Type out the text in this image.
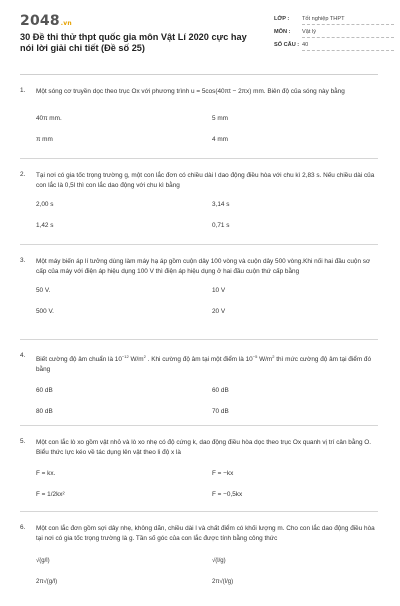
2048.vn
30 Đề thi thử thpt quốc gia môn Vật Lí 2020 cực hay nói lời giải chi tiết (Đề số 25)
LỚP : Tốt nghiệp THPT
MÔN : Vật lý
SỐ CÂU : 40
1. Một sóng cơ truyền dọc theo trục Ox với phương trình u = 5cos(40πt − 2πx) mm. Biên độ của sóng này bằng
40π mm.	5 mm
π mm	4 mm
2. Tại nơi có gia tốc trọng trường g, một con lắc đơn có chiều dài l dao động điều hòa với chu kì 2,83 s. Nếu chiều dài của con lắc là 0,5l thì con lắc dao động với chu kì bằng
2,00 s	3,14 s
1,42 s	0,71 s
3. Một máy biến áp lí tưởng dùng làm máy hạ áp gồm cuộn dây 100 vòng và cuộn dây 500 vòng.Khi nối hai đầu cuộn sơ cấp của máy với điện áp hiệu dụng 100 V thì điện áp hiệu dụng ở hai đầu cuộn thứ cấp bằng
50 V.	10 V
500 V.	20 V
4.
Biết cường độ âm chuẩn là $10^{-12}$ $W/m^2$ . Khi cường độ âm tại một điểm là $10^{-5}$ $W/m^2$ thì mức cường độ âm tại điểm đó bằng
60 dB	60 dB
80 dB	70 dB
5. Một con lắc lò xo gồm vật nhỏ và lò xo nhẹ có độ cứng k, dao động điều hòa dọc theo trục Ox quanh vị trí cân bằng O. Biểu thức lực kéo về tác dụng lên vật theo li độ x là
F = kx.	F = −kx
F = 1/2kx²	F = −0,5kx
6. Một con lắc đơn gồm sợi dây nhẹ, không dãn, chiều dài l và chất điểm có khối lượng m. Cho con lắc dao động điều hòa tại nơi có gia tốc trọng trường là g. Tần số góc của con lắc được tính bằng công thức
√(g/l)	√(l/g)
2π√(g/l)	2π√(l/g)
